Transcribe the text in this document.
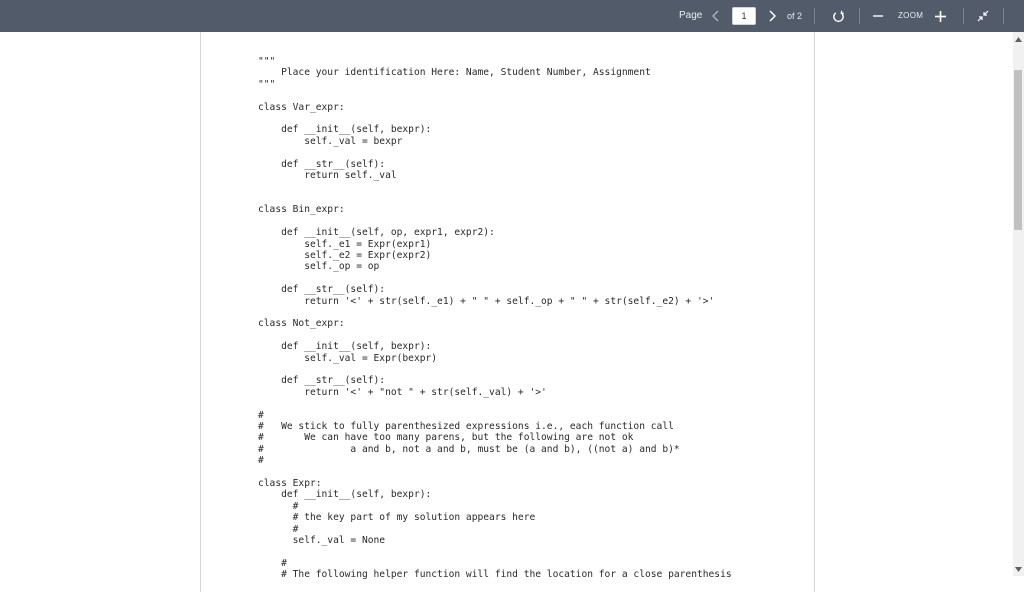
Page
1	of 2	ZOOM
"""
Place your identification Here: Name, Student Number, Assignment
"""
class Var_expr:
def __init__(self, bexpr):
self._val = bexpr
def __str__(self):
return self._val
class Bin_expr:
def __init__(self, op, expr1, expr2):
self._e1 = Expr(expr1)
self._e2 = Expr(expr2)
self._op = op
def __str__(self):
return '<' + str(self._e1) + " " + self._op + " " + str(self._e2) + '>'
class Not_expr:
def __init__(self, bexpr):
self._val = Expr(bexpr)
def __str__(self):
return '<' + "not " + str(self._val) + '>'
#
#   We stick to fully parenthesized expressions i.e., each function call
#       We can have too many parens, but the following are not ok
#               a and b, not a and b, must be (a and b), ((not a) and b)*
#
class Expr:
def __init__(self, bexpr):
#
# the key part of my solution appears here
#
self._val = None
#
# The following helper function will find the location for a close parenthesis
